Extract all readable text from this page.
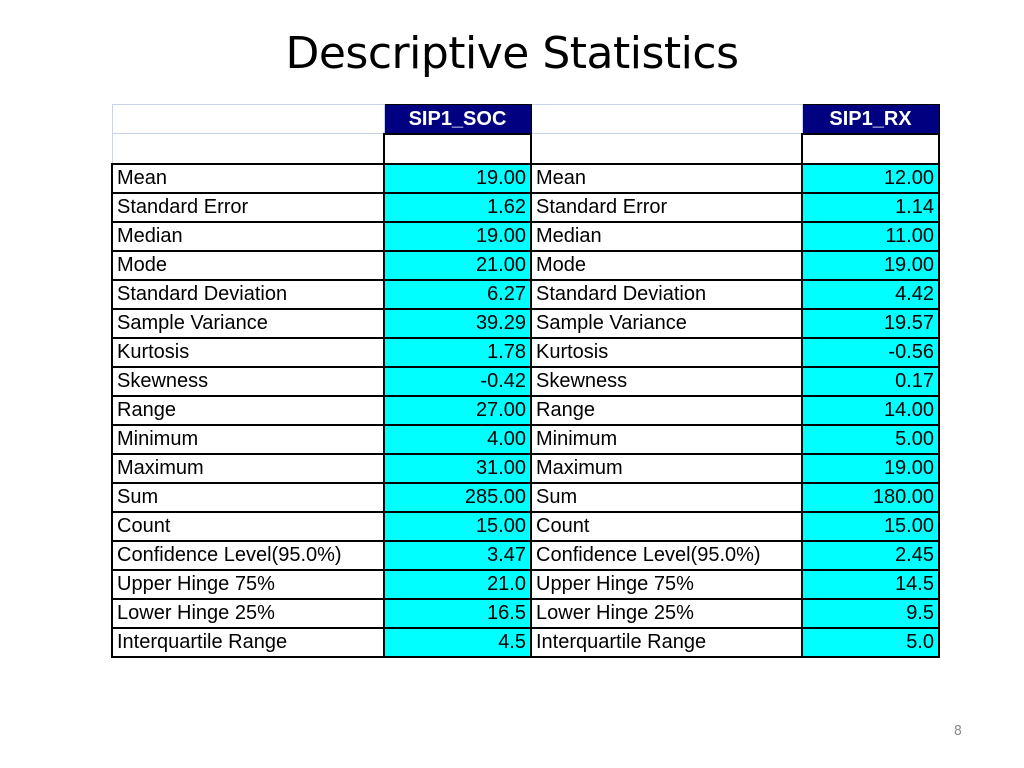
Descriptive Statistics
	SIP1_SOC		SIP1_RX

Mean	19.00	Mean	12.00
Standard Error	1.62	Standard Error	1.14
Median	19.00	Median	11.00
Mode	21.00	Mode	19.00
Standard Deviation	6.27	Standard Deviation	4.42
Sample Variance	39.29	Sample Variance	19.57
Kurtosis	1.78	Kurtosis	-0.56
Skewness	-0.42	Skewness	0.17
Range	27.00	Range	14.00
Minimum	4.00	Minimum	5.00
Maximum	31.00	Maximum	19.00
Sum	285.00	Sum	180.00
Count	15.00	Count	15.00
Confidence Level(95.0%)	3.47	Confidence Level(95.0%)	2.45
Upper Hinge 75%	21.0	Upper Hinge 75%	14.5
Lower Hinge 25%	16.5	Lower Hinge 25%	9.5
Interquartile Range	4.5	Interquartile Range	5.0
8
